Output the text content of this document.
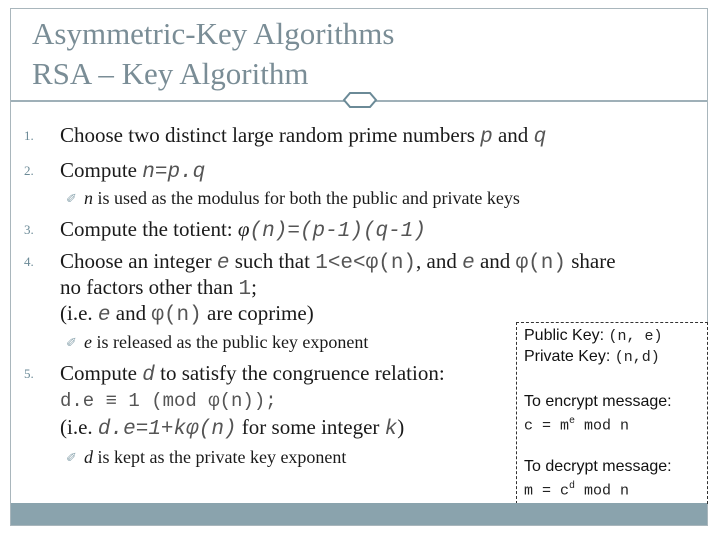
Asymmetric-Key Algorithms
RSA – Key Algorithm
1. Choose two distinct large random prime numbers p and q
2. Compute n=p.q
✐ n is used as the modulus for both the public and private keys
3. Compute the totient: φ(n)=(p-1)(q-1)
4. Choose an integer e such that 1<e<φ(n), and e and φ(n) share
no factors other than 1;
(i.e. e and φ(n) are coprime)
✐ e is released as the public key exponent
5. Compute d to satisfy the congruence relation:
d.e ≡ 1 (mod φ(n));
(i.e. d.e=1+kφ(n) for some integer k)
✐ d is kept as the private key exponent
Public Key: (n, e)
Private Key: (n,d)
To encrypt message:
$c = m^e$ mod n
To decrypt message:
$m = c^d$ mod n
